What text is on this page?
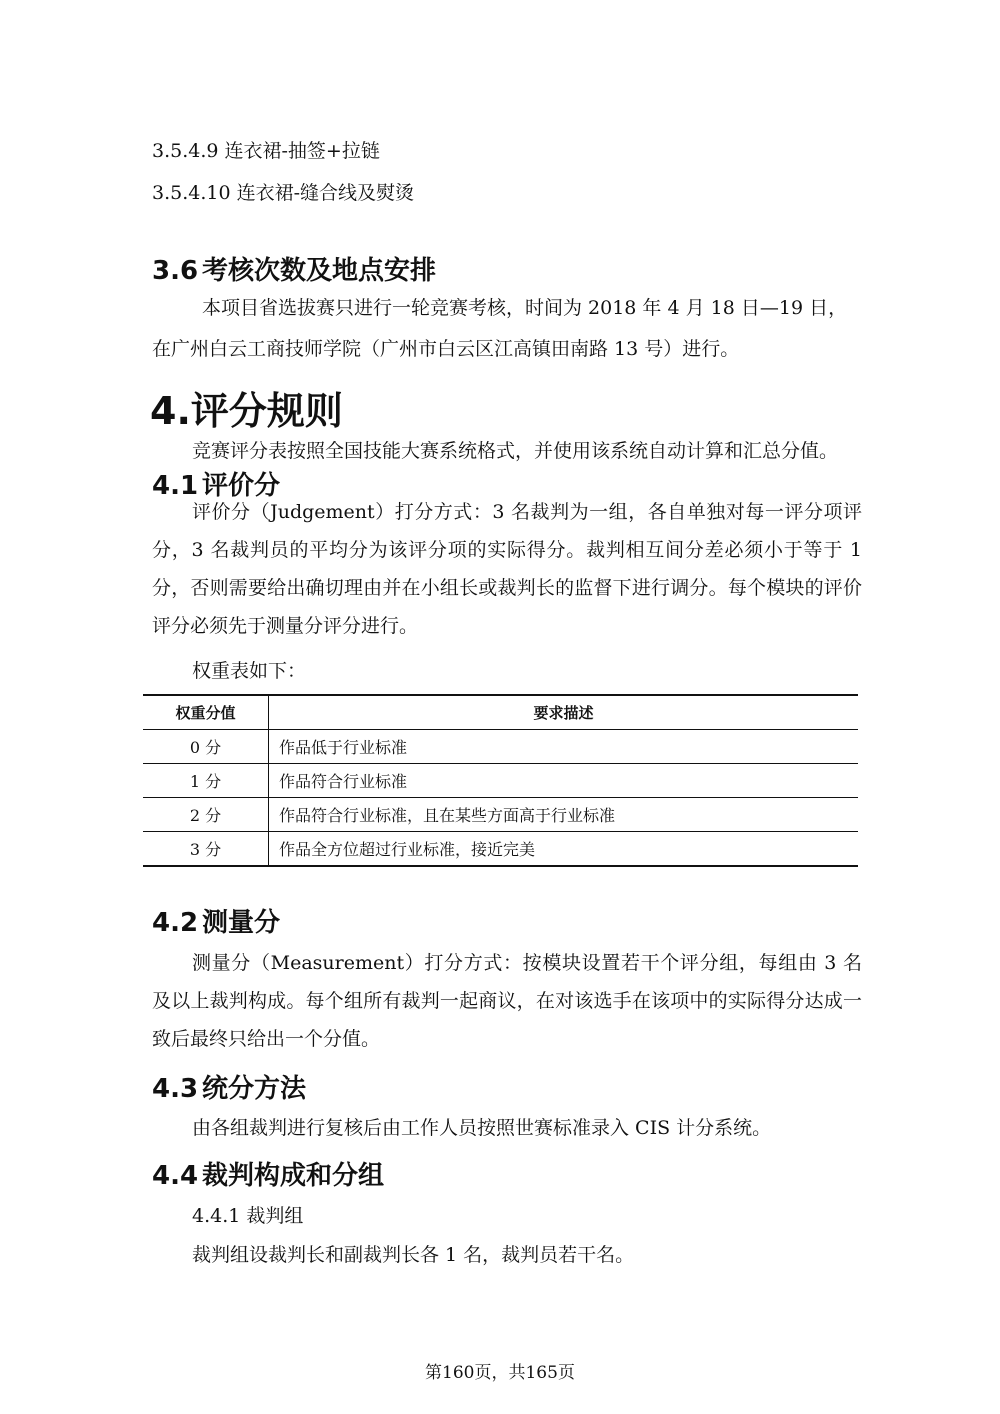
3.5.4.9 连衣裙-抽签+拉链
3.5.4.10 连衣裙-缝合线及熨烫
3.6 考核次数及地点安排
本项目省选拔赛只进行一轮竞赛考核，时间为 2018 年 4 月 18 日—19 日，
在广州白云工商技师学院（广州市白云区江高镇田南路 13 号）进行。
4.评分规则
竞赛评分表按照全国技能大赛系统格式，并使用该系统自动计算和汇总分值。
4.1 评价分
评价分（Judgement）打分方式：3 名裁判为一组，各自单独对每一评分项评分，3 名裁判员的平均分为该评分项的实际得分。裁判相互间分差必须小于等于 1 分，否则需要给出确切理由并在小组长或裁判长的监督下进行调分。每个模块的评价评分必须先于测量分评分进行。
权重表如下：
权重分值	要求描述
0 分	作品低于行业标准
1 分	作品符合行业标准
2 分	作品符合行业标准，且在某些方面高于行业标准
3 分	作品全方位超过行业标准，接近完美
4.2 测量分
测量分（Measurement）打分方式：按模块设置若干个评分组，每组由 3 名及以上裁判构成。每个组所有裁判一起商议，在对该选手在该项中的实际得分达成一致后最终只给出一个分值。
4.3 统分方法
由各组裁判进行复核后由工作人员按照世赛标准录入 CIS 计分系统。
4.4 裁判构成和分组
4.4.1 裁判组
裁判组设裁判长和副裁判长各 1 名，裁判员若干名。
第160页，共165页
